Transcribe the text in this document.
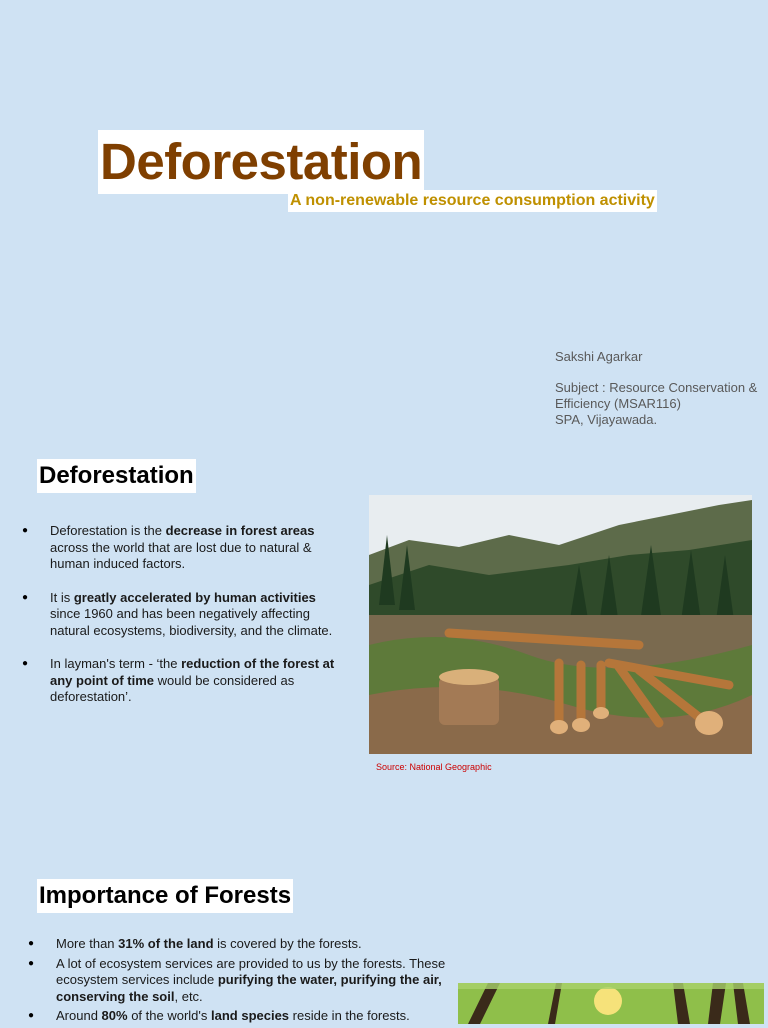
Deforestation
A non-renewable resource consumption activity
Sakshi Agarkar
Subject : Resource Conservation &
Efficiency (MSAR116)
SPA, Vijayawada.
Deforestation
● Deforestation is the decrease in forest areas across the world that are lost due to natural & human induced factors.
● It is greatly accelerated by human activities since 1960 and has been negatively affecting natural ecosystems, biodiversity, and the climate.
● In layman's term - ‘the reduction of the forest at any point of time would be considered as deforestation’.
Source: National Geographic
Importance of Forests
● More than 31% of the land is covered by the forests.
● A lot of ecosystem services are provided to us by the forests. These ecosystem services include purifying the water, purifying the air, conserving the soil, etc.
● Around 80% of the world's land species reside in the forests.
